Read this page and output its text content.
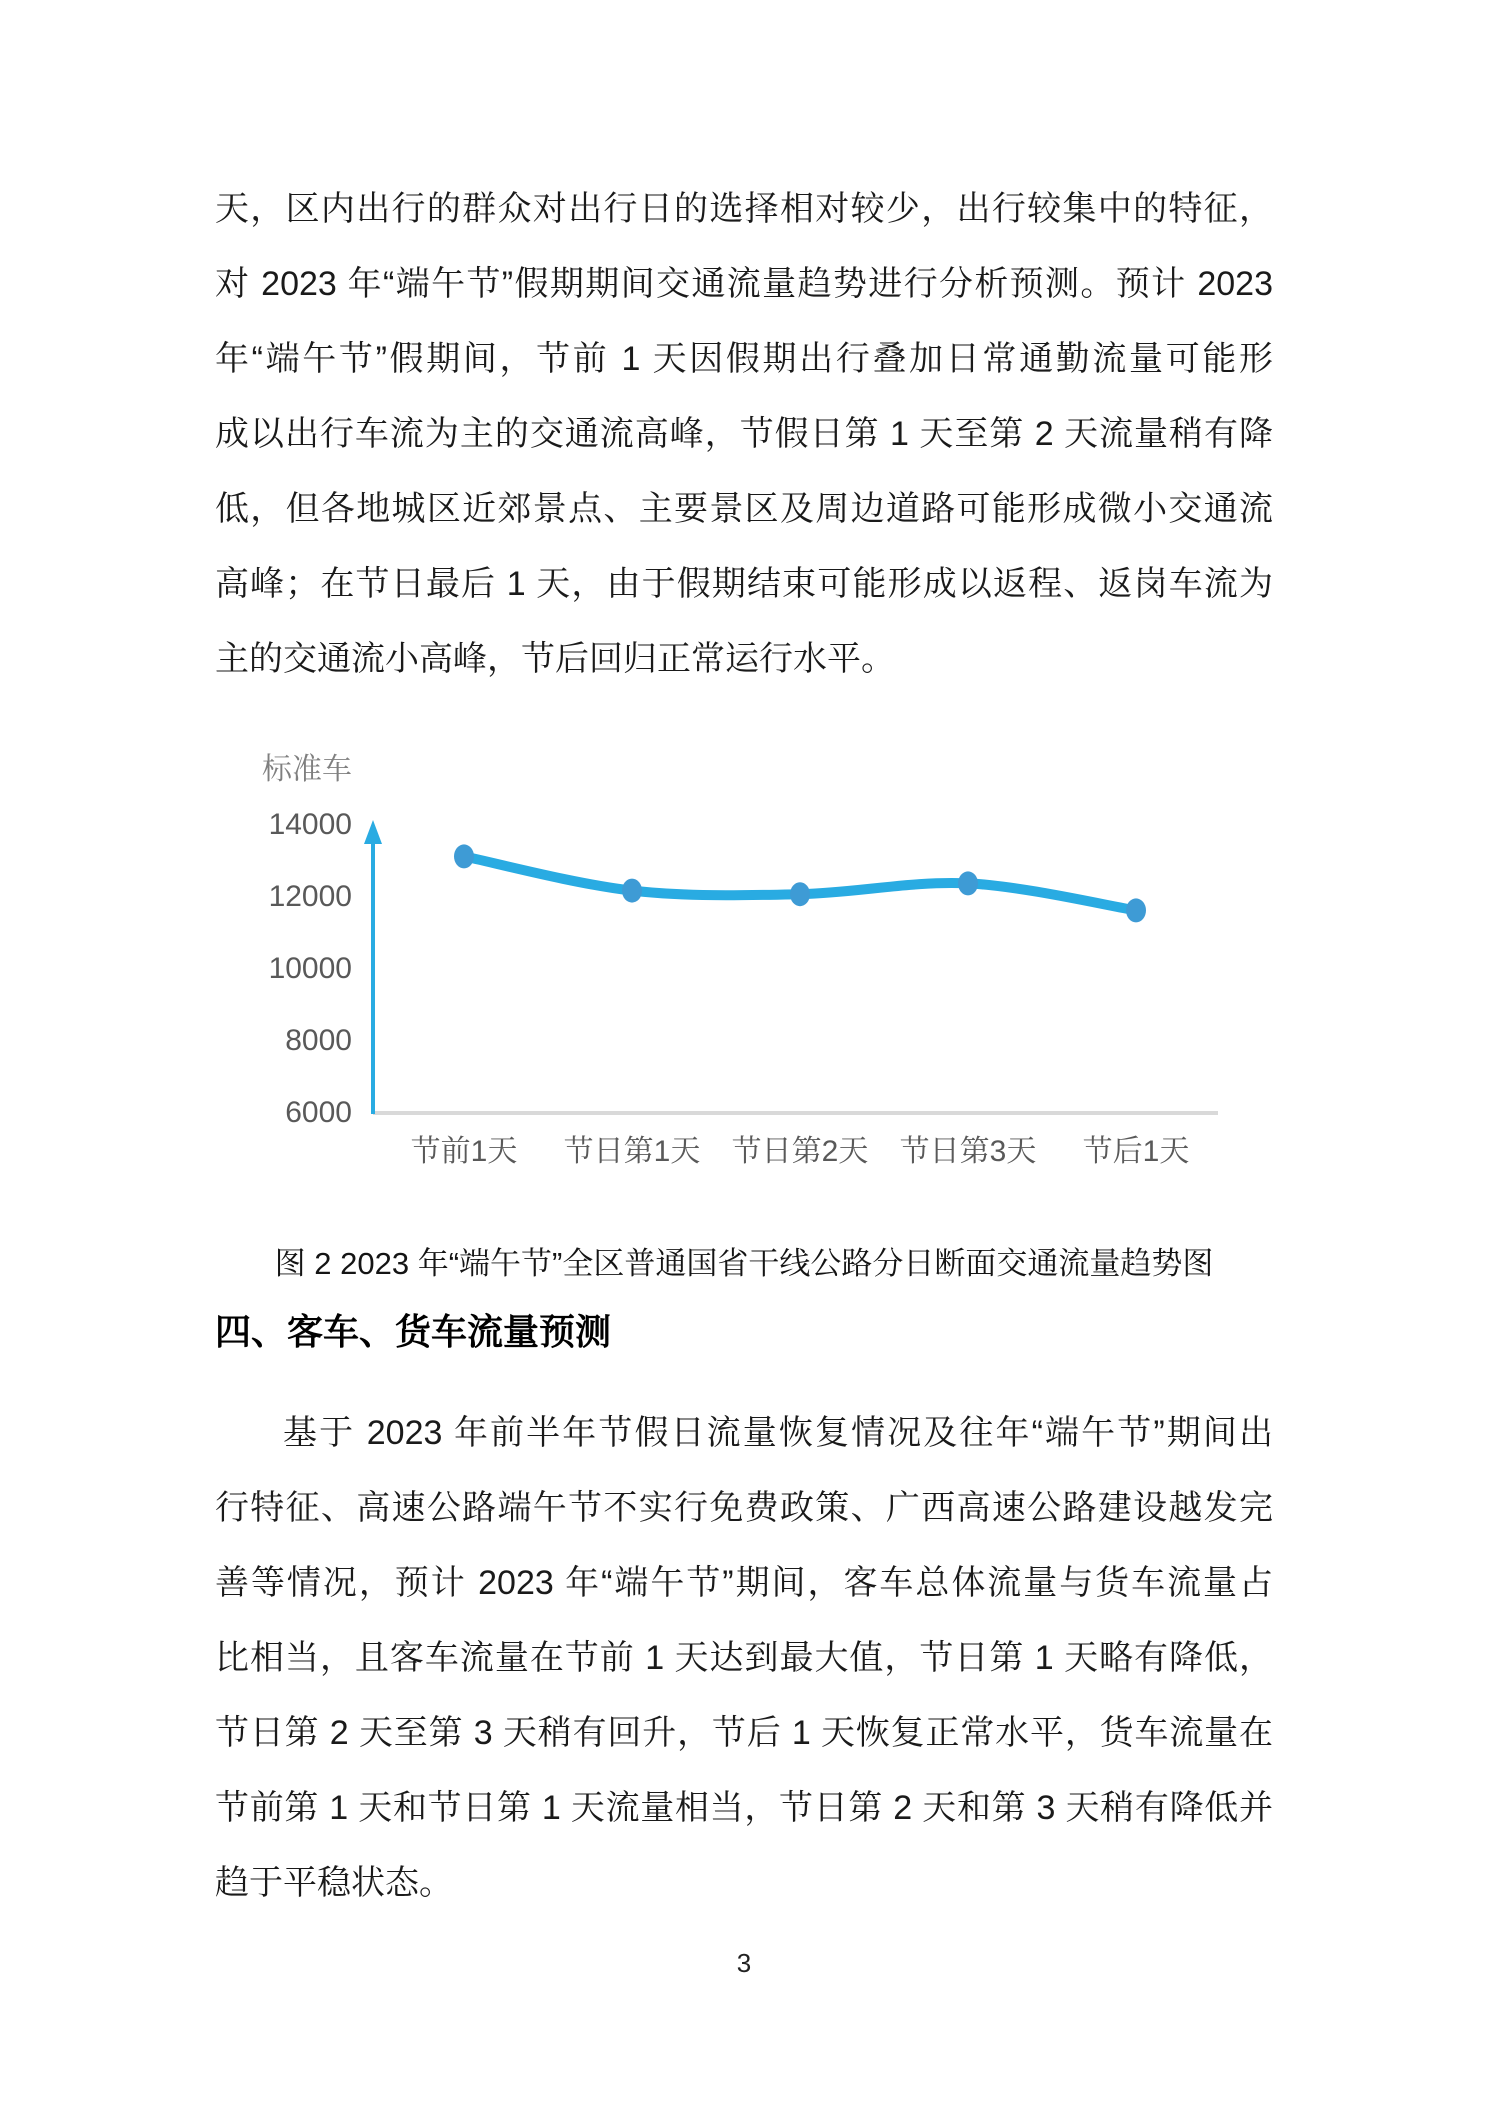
天，区内出行的群众对出行日的选择相对较少，出行较集中的特征，
对 2023 年“端午节”假期期间交通流量趋势进行分析预测。预计 2023
年“端午节”假期间，节前 1 天因假期出行叠加日常通勤流量可能形
成以出行车流为主的交通流高峰，节假日第 1 天至第 2 天流量稍有降
低，但各地城区近郊景点、主要景区及周边道路可能形成微小交通流
高峰；在节日最后 1 天，由于假期结束可能形成以返程、返岗车流为
主的交通流小高峰，节后回归正常运行水平。
标准车
14000
12000
10000
8000
6000
节前1天 节日第1天 节日第2天 节日第3天 节后1天
图 2 2023 年“端午节”全区普通国省干线公路分日断面交通流量趋势图
四、客车、货车流量预测
基于 2023 年前半年节假日流量恢复情况及往年“端午节”期间出
行特征、高速公路端午节不实行免费政策、广西高速公路建设越发完
善等情况，预计 2023 年“端午节”期间，客车总体流量与货车流量占
比相当，且客车流量在节前 1 天达到最大值，节日第 1 天略有降低，
节日第 2 天至第 3 天稍有回升，节后 1 天恢复正常水平，货车流量在
节前第 1 天和节日第 1 天流量相当，节日第 2 天和第 3 天稍有降低并
趋于平稳状态。
3
